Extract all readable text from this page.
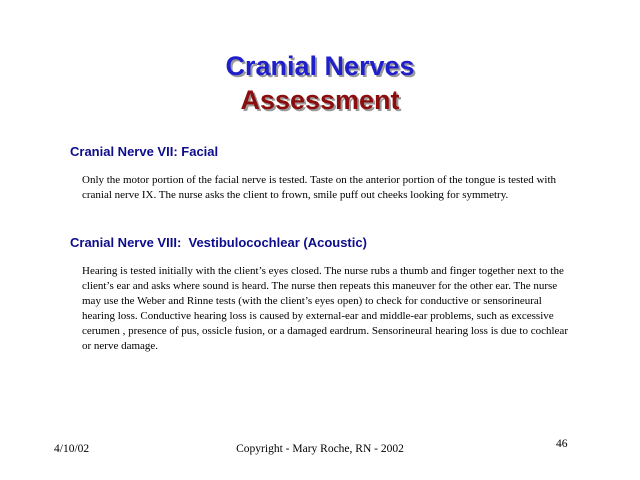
Cranial Nerves
Assessment
Cranial Nerve VII: Facial

Only the motor portion of the facial nerve is tested. Taste on the anterior portion of the tongue is tested with cranial nerve IX. The nurse asks the client to frown, smile puff out cheeks looking for symmetry.

Cranial Nerve VIII:  Vestibulocochlear (Acoustic)

Hearing is tested initially with the client’s eyes closed. The nurse rubs a thumb and finger together next to the client’s ear and asks where sound is heard. The nurse then repeats this maneuver for the other ear. The nurse may use the Weber and Rinne tests (with the client’s eyes open) to check for conductive or sensorineural hearing loss. Conductive hearing loss is caused by external-ear and middle-ear problems, such as excessive cerumen , presence of pus, ossicle fusion, or a damaged eardrum. Sensorineural hearing loss is due to cochlear or nerve damage.

4/10/02	Copyright - Mary Roche, RN - 2002	46
